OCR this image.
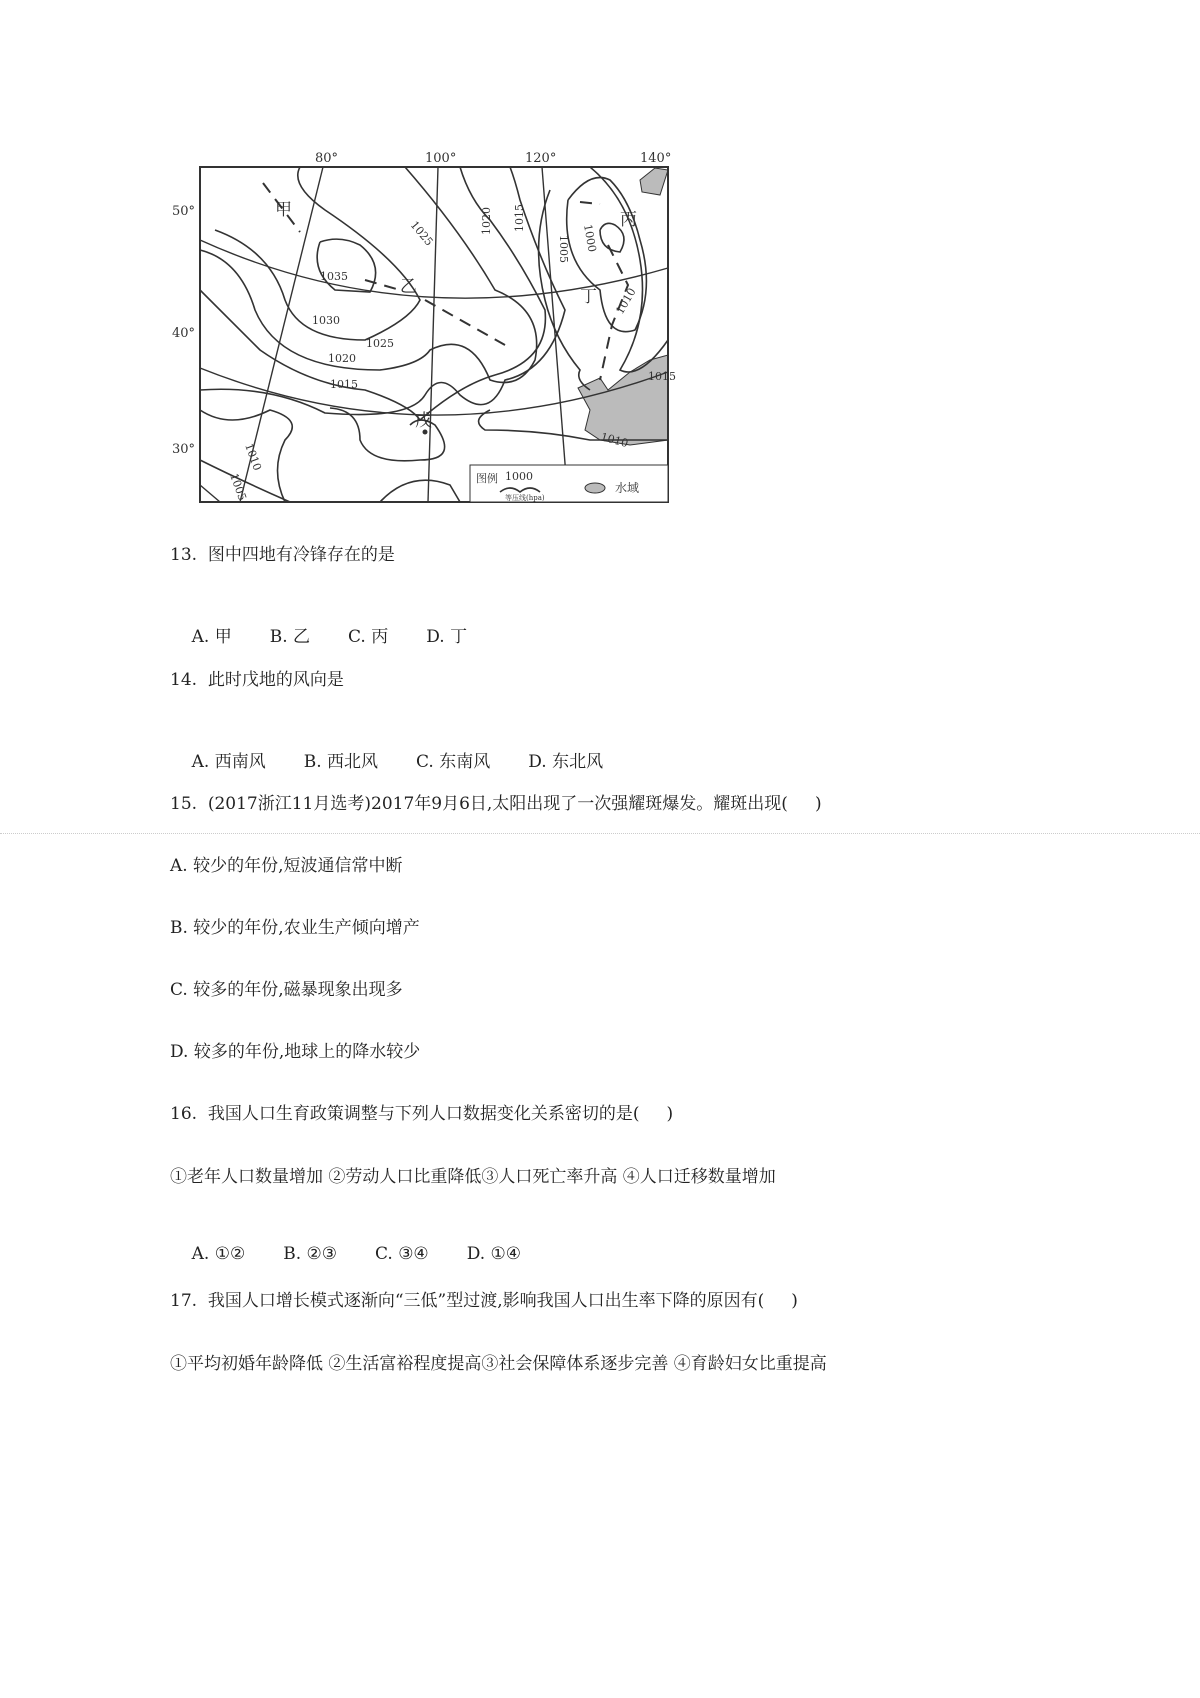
80°	100°	120°	140°
50°
40°
30°
甲
乙
丙
丁
戊
1035
1030
1025
1020
1015
1025	1020 1015
1005 1000
1010
1015
1010
1010
1005	图例 1000
等压线(hpa)
水域
13.  图中四地有冷锋存在的是

A. 甲 B. 乙 C. 丙 D. 丁

14.  此时戊地的风向是

A. 西南风 B. 西北风 C. 东南风 D. 东北风

15.  (2017浙江11月选考)2017年9月6日,太阳出现了一次强耀斑爆发。耀斑出现(     )
A. 较少的年份,短波通信常中断
B. 较少的年份,农业生产倾向增产
C. 较多的年份,磁暴现象出现多
D. 较多的年份,地球上的降水较少
16.  我国人口生育政策调整与下列人口数据变化关系密切的是(     )
①老年人口数量增加 ②劳动人口比重降低③人口死亡率升高 ④人口迁移数量增加

A. ①② B. ②③ C. ③④ D. ①④

17.  我国人口增长模式逐渐向“三低”型过渡,影响我国人口出生率下降的原因有(     )
①平均初婚年龄降低 ②生活富裕程度提高③社会保障体系逐步完善 ④育龄妇女比重提高
